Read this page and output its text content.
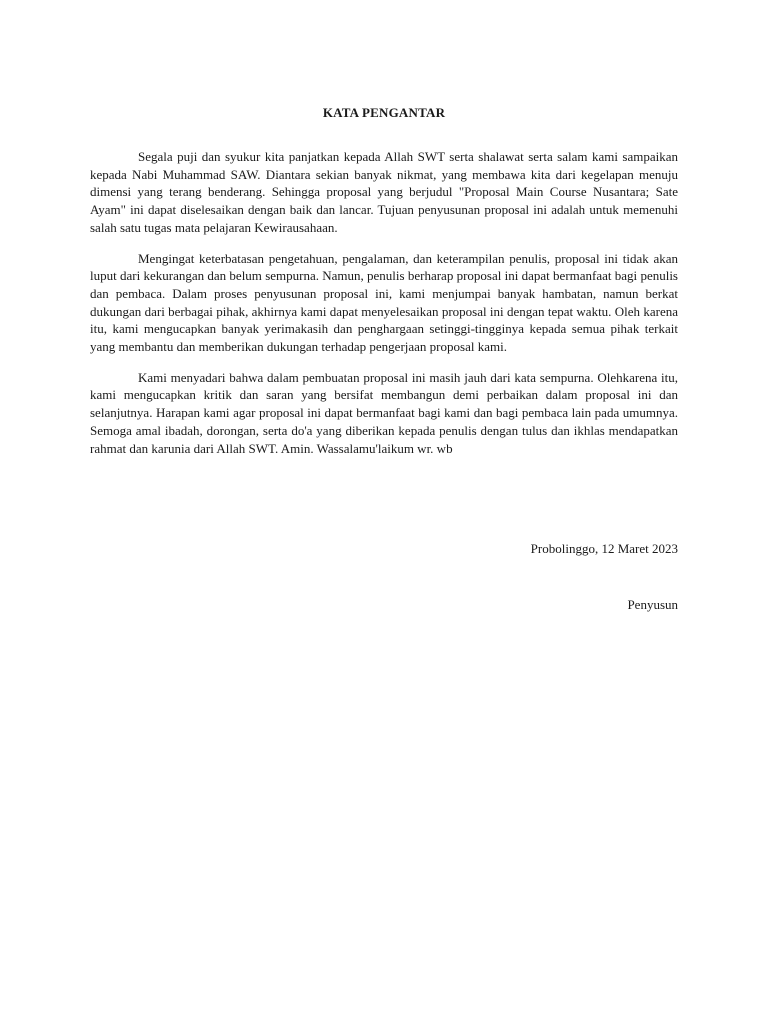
KATA PENGANTAR

Segala puji dan syukur kita panjatkan kepada Allah SWT serta shalawat serta salam kami sampaikan kepada Nabi Muhammad SAW. Diantara sekian banyak nikmat, yang membawa kita dari kegelapan menuju dimensi yang terang benderang. Sehingga proposal yang berjudul "Proposal Main Course Nusantara; Sate Ayam" ini dapat diselesaikan dengan baik dan lancar. Tujuan penyusunan proposal ini adalah untuk memenuhi salah satu tugas mata pelajaran Kewirausahaan.

Mengingat keterbatasan pengetahuan, pengalaman, dan keterampilan penulis, proposal ini tidak akan luput dari kekurangan dan belum sempurna. Namun, penulis berharap proposal ini dapat bermanfaat bagi penulis dan pembaca. Dalam proses penyusunan proposal ini, kami menjumpai banyak hambatan, namun berkat dukungan dari berbagai pihak, akhirnya kami dapat menyelesaikan proposal ini dengan tepat waktu. Oleh karena itu, kami mengucapkan banyak yerimakasih dan penghargaan setinggi-tingginya kepada semua pihak terkait yang membantu dan memberikan dukungan terhadap pengerjaan proposal kami.

Kami menyadari bahwa dalam pembuatan proposal ini masih jauh dari kata sempurna. Olehkarena itu, kami mengucapkan kritik dan saran yang bersifat membangun demi perbaikan dalam proposal ini dan selanjutnya. Harapan kami agar proposal ini dapat bermanfaat bagi kami dan bagi pembaca lain pada umumnya. Semoga amal ibadah, dorongan, serta do'a yang diberikan kepada penulis dengan tulus dan ikhlas mendapatkan rahmat dan karunia dari Allah SWT. Amin. Wassalamu'laikum wr. wb

Probolinggo, 12 Maret 2023
Penyusun
